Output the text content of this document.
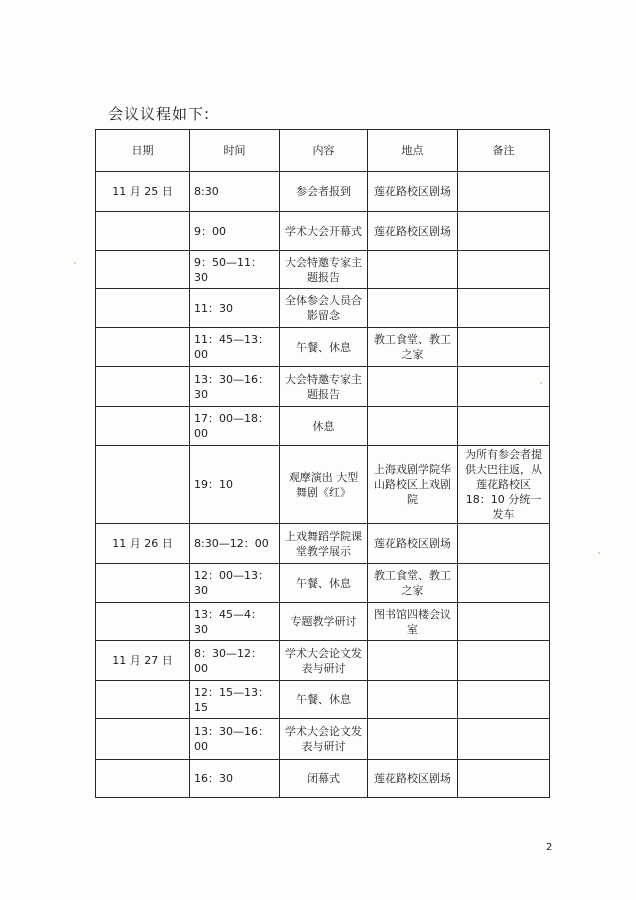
会议议程如下:
日期	时间	内容	地点	备注
11 月 25 日	8:30	参会者报到	莲花路校区剧场	
	9：00	学术大会开幕式	莲花路校区剧场	
	9：50—11：30	大会特邀专家主题报告		
	11：30	全体参会人员合影留念		
	11：45—13：00	午餐、休息	教工食堂、教工之家	
	13：30—16：30	大会特邀专家主题报告		
	17：00—18：00	休息		
	19：10	观摩演出 大型舞剧《红》	上海戏剧学院华山路校区上戏剧院	为所有参会者提供大巴往返，从莲花路校区 18：10 分统一发车
11 月 26 日	8:30—12：00	上戏舞蹈学院课堂教学展示	莲花路校区剧场	
	12：00—13：30	午餐、休息	教工食堂、教工之家	
	13：45—4：30	专题教学研讨	图书馆四楼会议室	
11 月 27 日	8：30—12：00	学术大会论文发表与研讨		
	12：15—13：15	午餐、休息		
	13：30—16：00	学术大会论文发表与研讨		
	16：30	闭幕式	莲花路校区剧场	
2
